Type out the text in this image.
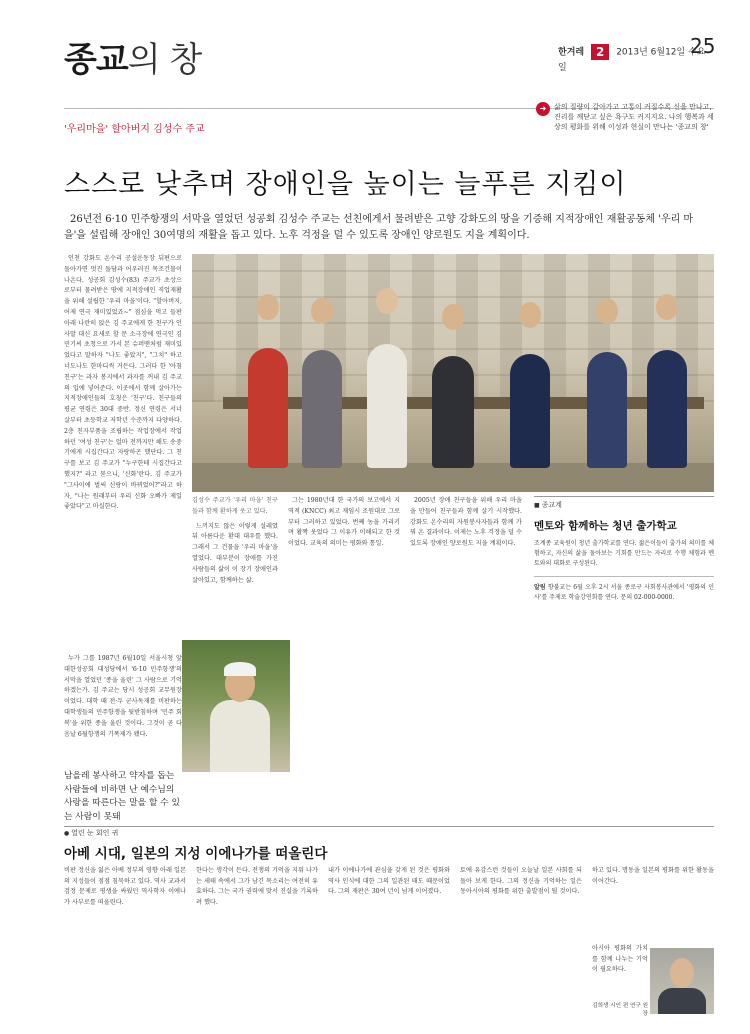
종교의 창	한겨레 2 2013년 6월12일 수요일
25
'우리마을' 할아버지 김성수 주교
➜	삶의 질량이 갈아가고 고통이 커질수록 신을 만나고, 진리를 깨닫고 싶은 욕구도 커지지요. 나의 행복과 세상의 평화를 위해 이성과 현실이 만나는 '종교의 창'
스스로 낮추며 장애인을 높이는 늘푸른 지킴이
26년전 6·10 민주항쟁의 서막을 열었던 성공회 김성수 주교는 선친에게서 물려받은 고향 강화도의 땅을 기증해 지적장애인 재활공동체 '우리 마을'을 설립해 장애인 30여명의 재활을 돕고 있다. 노후 걱정을 덜 수 있도록 장애인 양로원도 지을 계획이다.

인천 강화도 온수리 공설운동장 뒤편으로 돌아가면 멋진 돌담과 어우러진 목조건물이 나온다. 성공회 김성수(83) 주교가 초상으로부터 물려받은 땅에 지적장애인 직업재활을 위해 설립한 '우리 마을'이다. "할아버지, 어제 연극 재미있었죠~" 점심을 먹고 들판 아래 나란히 앉은 김 주교에게 한 친구가 인사말 대신 요새로 할 문 소극장에 연극인 김민기씨 초청으로 가서 본 슈퍼맨처럼 재미있었다고 말하자 "나도 좋았지", "그치" 하고 너도나도 한마디씩 거든다. 그러다 한 '아침 친구'는 과자 봉지에서 과자를 꺼내 김 주교의 입에 넣어준다. 이곳에서 함께 살아가는 지적장애인들의 호칭은 '친구'다. 친구들의 평균 연령은 30대 중반. 정신 연령은 서너 살부터 초등학교 저학년 수준까지 다양하다. 2층 친자부품을 조립하는 작업장에서 작업하던 '여성 친구'는 얼마 전까지만 해도 송중기에게 시집간다고 자랑하곤 했단다. 그 친구를 보고 김 주교가 "누구한테 시집간다고 했지?" 라고 묻으니, '신화'란다. 김 주교가 "그사이에 벌써 신랑이 바뀌었어?"라고 하자, "나는 원래부터 우리 신화 오빠가 제일 좋았다"고 마실한다.

누가 그를 1987년 6월10일 서울시청 앞 대한성공회 대성당에서 '6·10 민주항쟁'의 서막을 열었던 '종을 울린' 그 사람으로 기억하겠는가. 김 주교는 당시 성공회 교무원장이었다. 대학 때 전·두 군사독재를 비판하는 대학생들의 민주항쟁을 뒷받침하며 '민주 회복'을 위한 종을 울린 것이다. 그것이 곧 다음날 6월항쟁의 기폭제가 됐다.

김성수 주교가 '우리 마을' 친구들과 함께 환하게 웃고 있다.

느끼지도 않은 이렇게 설레였 뒤 아름다운 환대 대우를 했다. 그래서 그 건물을 '우리 마을'을 열었다. 대부분이 장애를 가진 사람들의 삶이 이 장기 장애인과 살아있고, 함께하는 삶.

그는 1980년대 한 국가의 보고에서 지역적 (KNCC) 최고 재임시 조원대로 그로부터 그러하고 있었다. 번째 농을 가리키며 활짝 웃었다 그 이유가 이해되고 한 것이었다. 교육의 의미는 평화와 통일.

2005년 장애 친구들을 위해 우리 마을을 만들어 친구들과 함께 살기 시작했다. 강화도 온수리의 자원봉사자들과 함께 가꿔 온 결과이다. 이제는 노후 걱정을 덜 수 있도록 장애인 양로원도 지을 계획이다.

남을레 봉사하고 약자를 돕는 사람들에 비하면 난 예수님의 사랑을 따른다는 말을 할 수 있는 사람이 못돼
■ 종교계
멘토와 함께하는 청년 출가학교
조계종 교육원이 청년 출가학교를 연다. 젊은이들이 출가의 의미를 체험하고, 자신의 삶을 돌아보는 기회를 만드는 자리로 수행 체험과 멘토와의 대화로 구성된다.
알림 향불교는 6월 오후 2시 서울 종로구 사회봉사관에서 '평화의 인사'를 주제로 학술강연회를 연다. 문의 02-000-0000.
● 열린 눈 회인 귀
아베 시대, 일본의 지성 이에나가를 떠올린다
비판 정신을 잃은 아베 정부의 영향 아래 일본의 지성들이 점점 침묵하고 있다. 역사 교과서 검정 문제로 평생을 싸웠던 역사학자 이에나가 사부로를 떠올린다.
한다는 생각이 든다. 전쟁의 기억을 지워 나가는 세태 속에서 그가 남긴 목소리는 여전히 유효하다. 그는 국가 권력에 맞서 진실을 기록하려 했다.
내가 이에나가에 관심을 갖게 된 것은 평화와 역사 인식에 대한 그의 일관된 태도 때문이었다. 그의 재판은 30여 년이 넘게 이어졌다.
토에 유감스런 것들이 오늘날 일본 사회를 되돌아 보게 한다. 그의 정신을 기억하는 일은 동아시아의 평화를 위한 출발점이 될 것이다.
하고 있다. 명동을 일본의 평화를 위한 활동을 이어간다.
아시아 평화의 가치를 함께 나누는 기억이 필요하다.
김희생 시인 편 연구 원장
